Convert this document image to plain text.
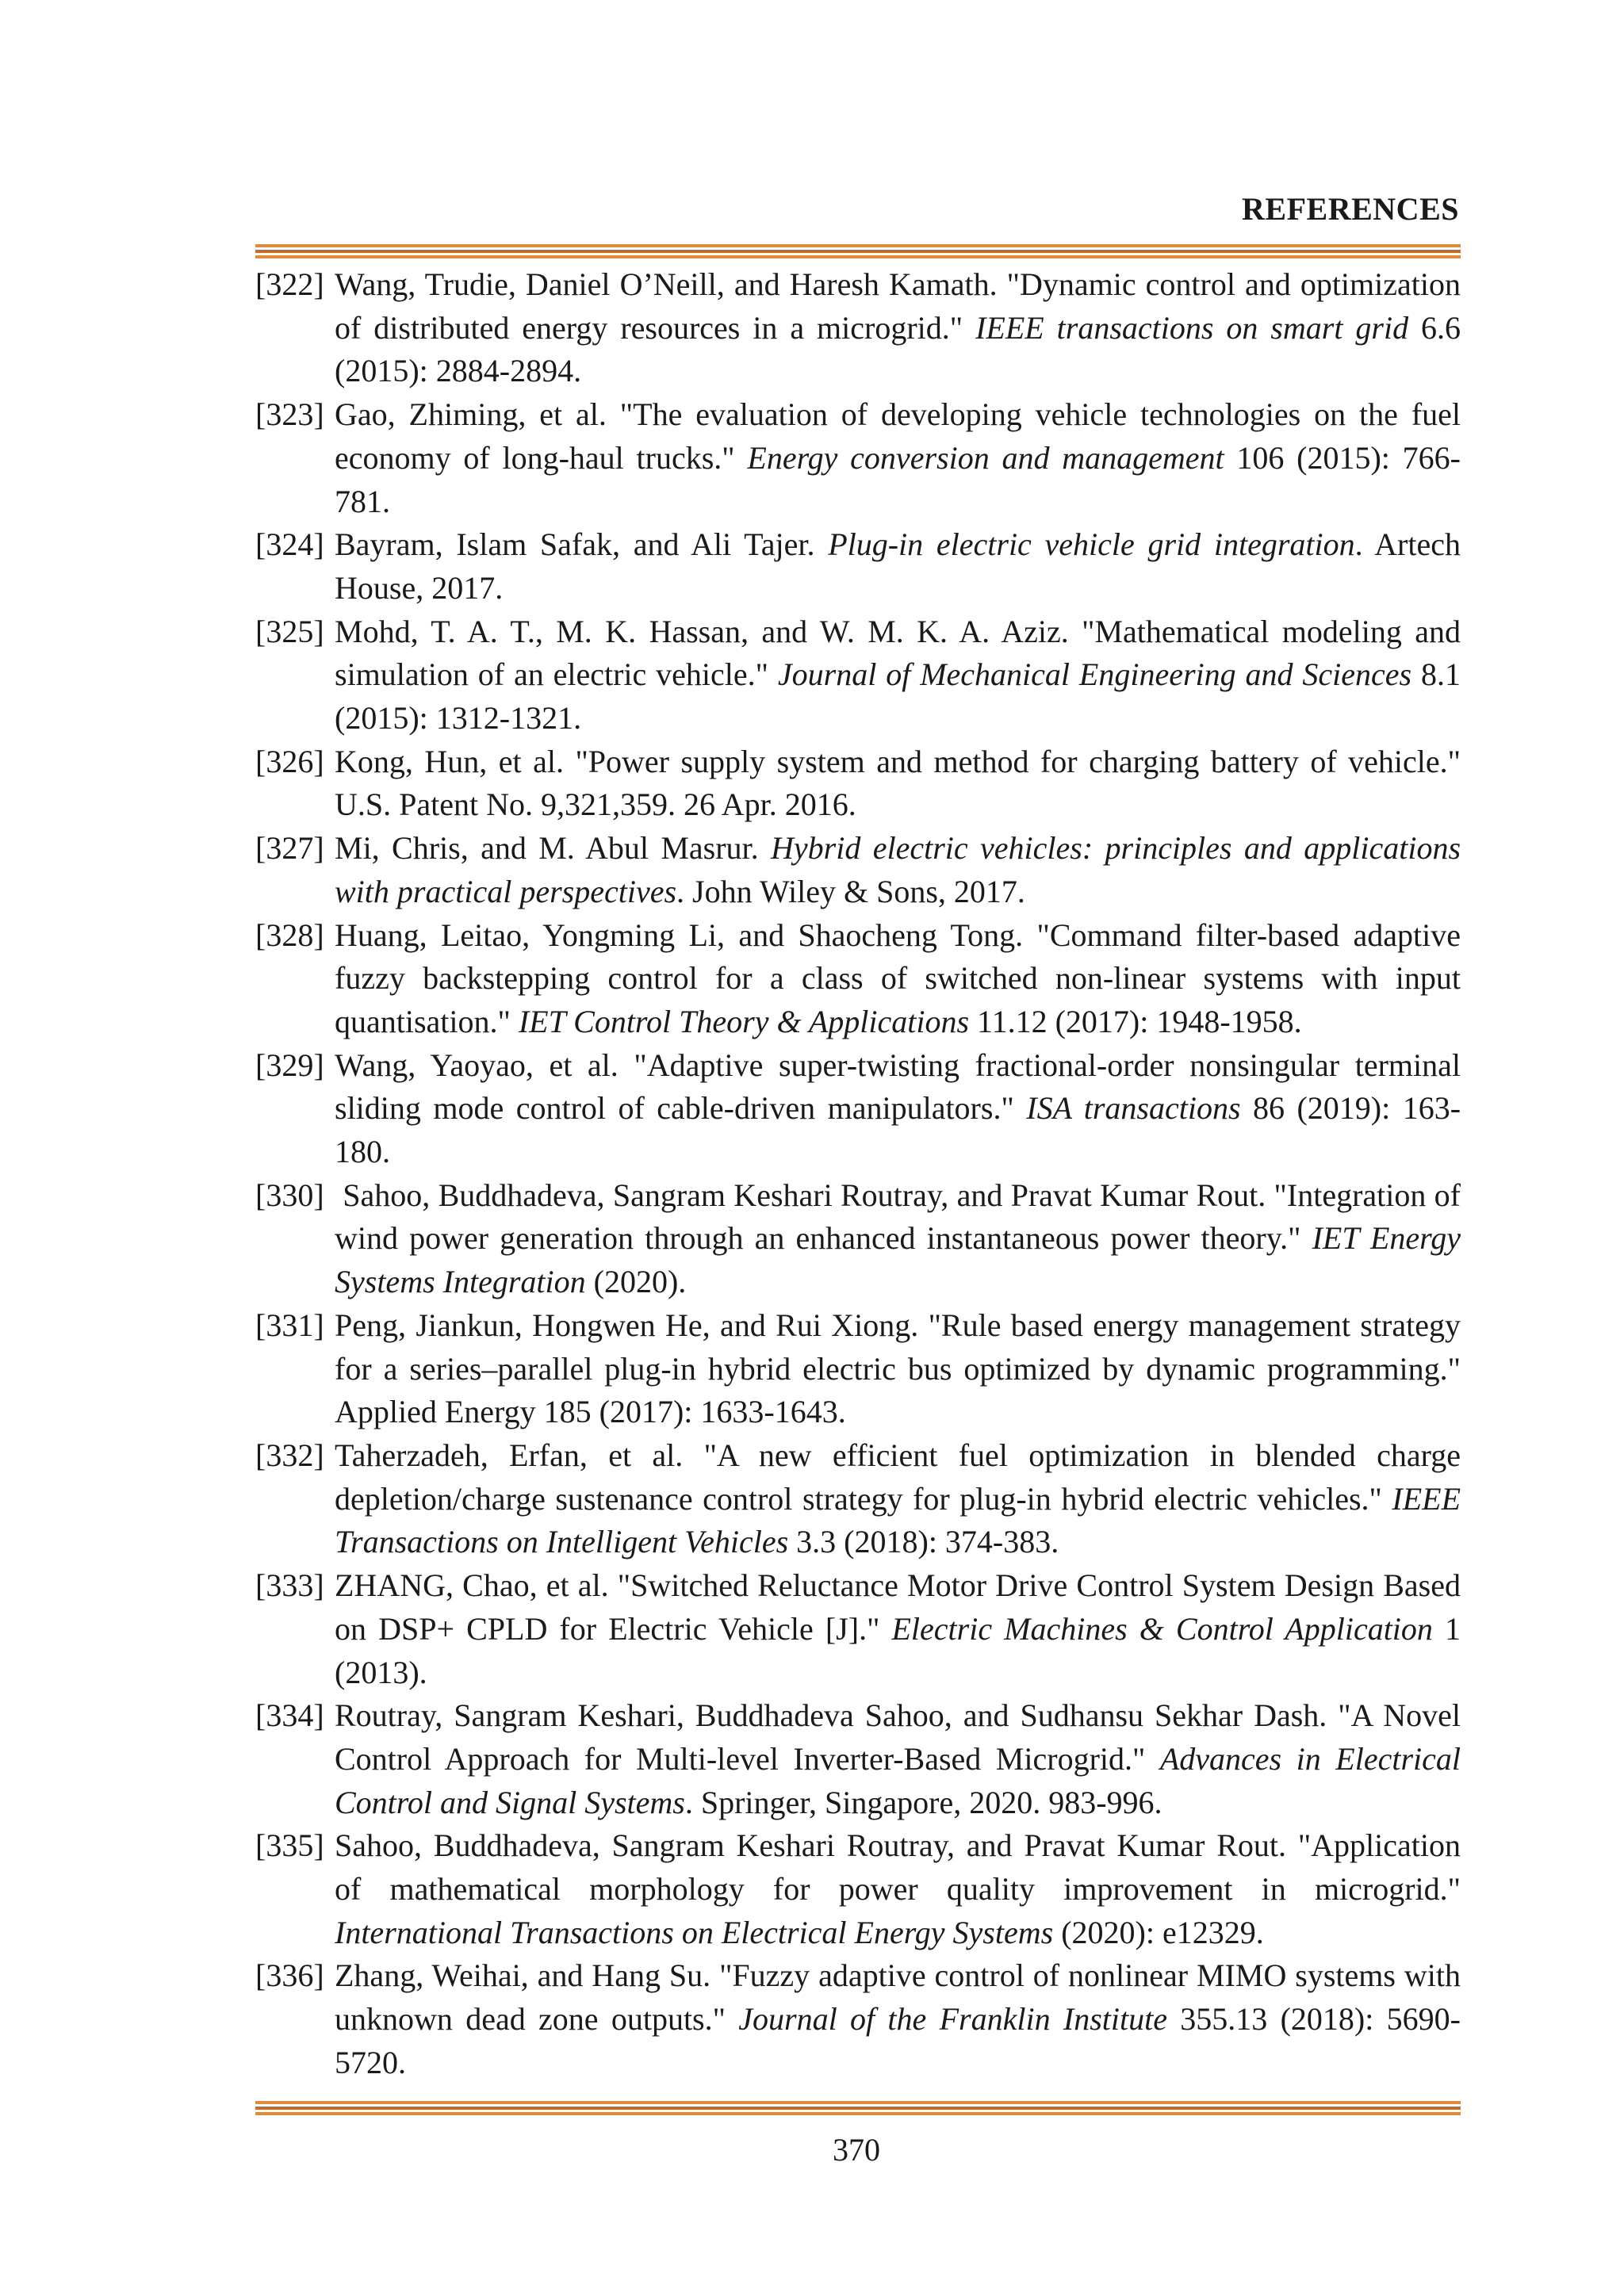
REFERENCES
[322] Wang, Trudie, Daniel O’Neill, and Haresh Kamath. "Dynamic control and optimization of distributed energy resources in a microgrid." IEEE transactions on smart grid 6.6 (2015): 2884-2894.
[323] Gao, Zhiming, et al. "The evaluation of developing vehicle technologies on the fuel economy of long-haul trucks." Energy conversion and management 106 (2015): 766-781.
[324] Bayram, Islam Safak, and Ali Tajer. Plug-in electric vehicle grid integration. Artech House, 2017.
[325] Mohd, T. A. T., M. K. Hassan, and W. M. K. A. Aziz. "Mathematical modeling and simulation of an electric vehicle." Journal of Mechanical Engineering and Sciences 8.1 (2015): 1312-1321.
[326] Kong, Hun, et al. "Power supply system and method for charging battery of vehicle." U.S. Patent No. 9,321,359. 26 Apr. 2016.
[327] Mi, Chris, and M. Abul Masrur. Hybrid electric vehicles: principles and applications with practical perspectives. John Wiley & Sons, 2017.
[328] Huang, Leitao, Yongming Li, and Shaocheng Tong. "Command filter-based adaptive fuzzy backstepping control for a class of switched non-linear systems with input quantisation." IET Control Theory & Applications 11.12 (2017): 1948-1958.
[329] Wang, Yaoyao, et al. "Adaptive super-twisting fractional-order nonsingular terminal sliding mode control of cable-driven manipulators." ISA transactions 86 (2019): 163-180.
[330] Sahoo, Buddhadeva, Sangram Keshari Routray, and Pravat Kumar Rout. "Integration of wind power generation through an enhanced instantaneous power theory." IET Energy Systems Integration (2020).
[331] Peng, Jiankun, Hongwen He, and Rui Xiong. "Rule based energy management strategy for a series–parallel plug-in hybrid electric bus optimized by dynamic programming." Applied Energy 185 (2017): 1633-1643.
[332] Taherzadeh, Erfan, et al. "A new efficient fuel optimization in blended charge depletion/charge sustenance control strategy for plug-in hybrid electric vehicles." IEEE Transactions on Intelligent Vehicles 3.3 (2018): 374-383.
[333] ZHANG, Chao, et al. "Switched Reluctance Motor Drive Control System Design Based on DSP+ CPLD for Electric Vehicle [J]." Electric Machines & Control Application 1 (2013).
[334] Routray, Sangram Keshari, Buddhadeva Sahoo, and Sudhansu Sekhar Dash. "A Novel Control Approach for Multi-level Inverter-Based Microgrid." Advances in Electrical Control and Signal Systems. Springer, Singapore, 2020. 983-996.
[335] Sahoo, Buddhadeva, Sangram Keshari Routray, and Pravat Kumar Rout. "Application of mathematical morphology for power quality improvement in microgrid." International Transactions on Electrical Energy Systems (2020): e12329.
[336] Zhang, Weihai, and Hang Su. "Fuzzy adaptive control of nonlinear MIMO systems with unknown dead zone outputs." Journal of the Franklin Institute 355.13 (2018): 5690-5720.
370
